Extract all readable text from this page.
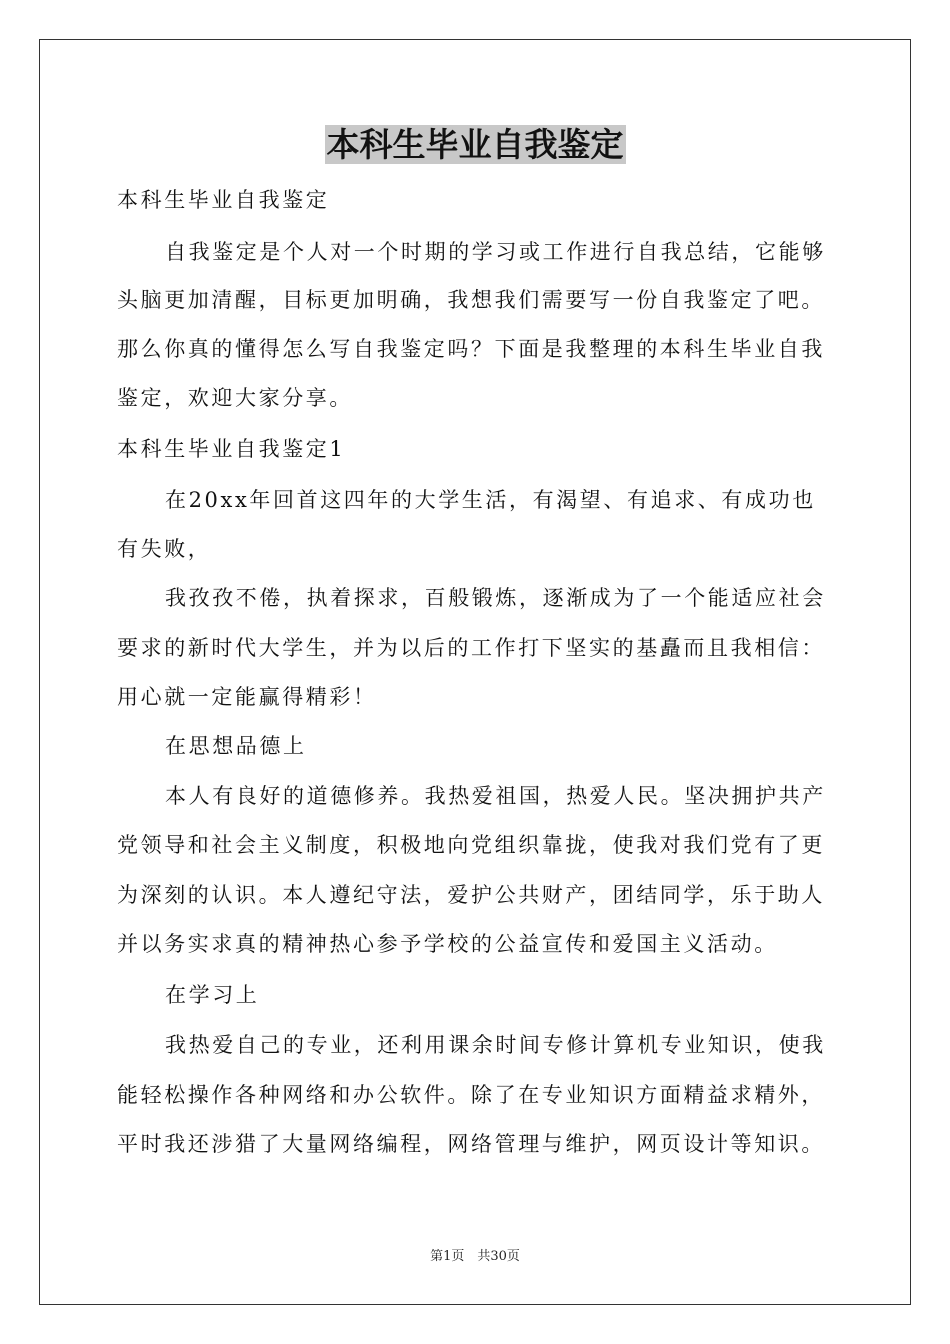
本科生毕业自我鉴定
本科生毕业自我鉴定
自我鉴定是个人对一个时期的学习或工作进行自我总结，它能够
头脑更加清醒，目标更加明确，我想我们需要写一份自我鉴定了吧。
那么你真的懂得怎么写自我鉴定吗？下面是我整理的本科生毕业自我
鉴定，欢迎大家分享。
本科生毕业自我鉴定1
在20xx年回首这四年的大学生活，有渴望、有追求、有成功也
有失败，
我孜孜不倦，执着探求，百般锻炼，逐渐成为了一个能适应社会
要求的新时代大学生，并为以后的工作打下坚实的基矗而且我相信：
用心就一定能赢得精彩！
在思想品德上
本人有良好的道德修养。我热爱祖国，热爱人民。坚决拥护共产
党领导和社会主义制度，积极地向党组织靠拢，使我对我们党有了更
为深刻的认识。本人遵纪守法，爱护公共财产，团结同学，乐于助人
并以务实求真的精神热心参予学校的公益宣传和爱国主义活动。
在学习上
我热爱自己的专业，还利用课余时间专修计算机专业知识，使我
能轻松操作各种网络和办公软件。除了在专业知识方面精益求精外，
平时我还涉猎了大量网络编程，网络管理与维护，网页设计等知识。
第1页　共30页
